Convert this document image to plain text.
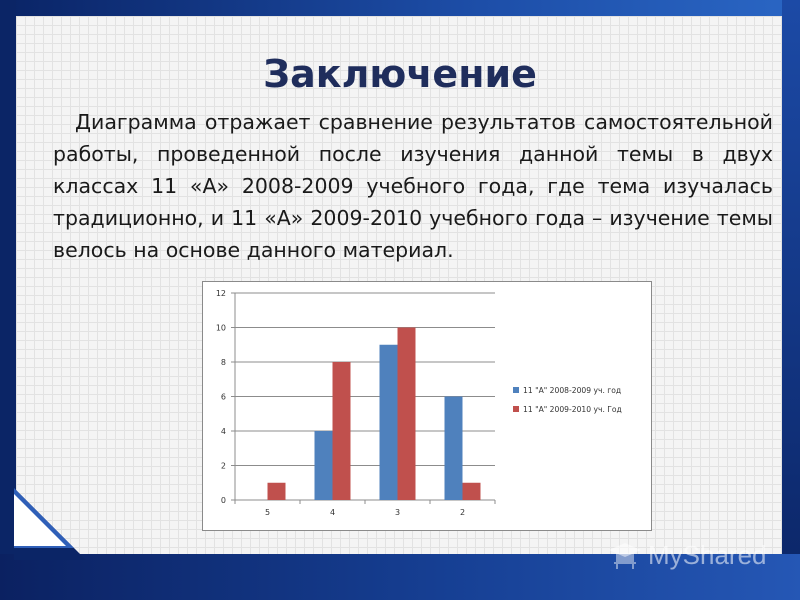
Заключение
Диаграмма отражает сравнение результатов самостоятельной работы, проведенной после изучения данной темы в двух классах 11 «А» 2008-2009 учебного года, где тема изучалась традиционно, и 11 «А» 2009-2010 учебного года – изучение темы велось на основе данного материал.
0
2
4
6
8
10
12
5	4	3	2
11 "А" 2008-2009 уч. год
11 "А" 2009-2010 уч. Год
MyShared
